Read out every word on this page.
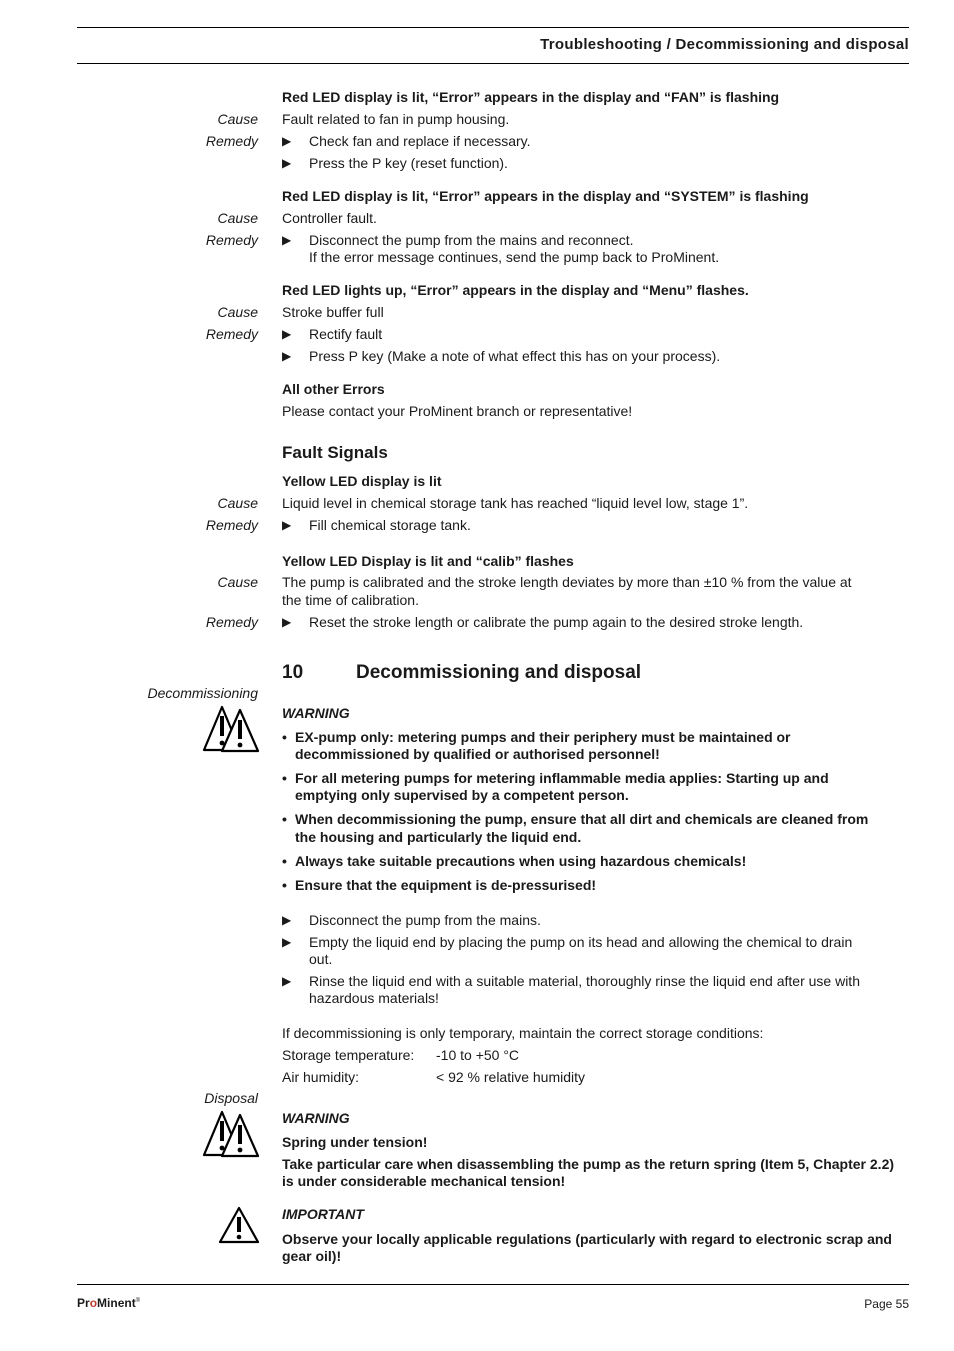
Troubleshooting / Decommissioning and disposal
Red LED display is lit, “Error” appears in the display and “FAN” is flashing
Cause Fault related to fan in pump housing.
Remedy ▶ Check fan and replace if necessary.
▶ Press the P key (reset function).
Red LED display is lit, “Error” appears in the display and “SYSTEM” is flashing
Cause Controller fault.
Remedy ▶ Disconnect the pump from the mains and reconnect.
If the error message continues, send the pump back to ProMinent.
Red LED lights up, “Error” appears in the display and “Menu” flashes.
Cause Stroke buffer full
Remedy ▶ Rectify fault
▶ Press P key (Make a note of what effect this has on your process).
All other Errors
Please contact your ProMinent branch or representative!
Fault Signals
Yellow LED display is lit
Cause Liquid level in chemical storage tank has reached “liquid level low, stage 1”.
Remedy ▶ Fill chemical storage tank.
Yellow LED Display is lit and “calib” flashes
Cause The pump is calibrated and the stroke length deviates by more than ±10 % from the value at
the time of calibration.
Remedy ▶ Reset the stroke length or calibrate the pump again to the desired stroke length.
10	Decommissioning and disposal
Decommissioning
WARNING
• EX-pump only: metering pumps and their periphery must be maintained or
decommissioned by qualified or authorised personnel!
• For all metering pumps for metering inflammable media applies: Starting up and
emptying only supervised by a competent person.
• When decommissioning the pump, ensure that all dirt and chemicals are cleaned from
the housing and particularly the liquid end.
• Always take suitable precautions when using hazardous chemicals!
• Ensure that the equipment is de-pressurised!
▶ Disconnect the pump from the mains.
▶ Empty the liquid end by placing the pump on its head and allowing the chemical to drain
out.
▶ Rinse the liquid end with a suitable material, thoroughly rinse the liquid end after use with
hazardous materials!
If decommissioning is only temporary, maintain the correct storage conditions:
Storage temperature: -10 to +50 °C
Air humidity:	< 92 % relative humidity
Disposal
WARNING
Spring under tension!
Take particular care when disassembling the pump as the return spring (Item 5, Chapter 2.2)
is under considerable mechanical tension!
IMPORTANT
Observe your locally applicable regulations (particularly with regard to electronic scrap and
gear oil)!
ProMinent®	Page 55
